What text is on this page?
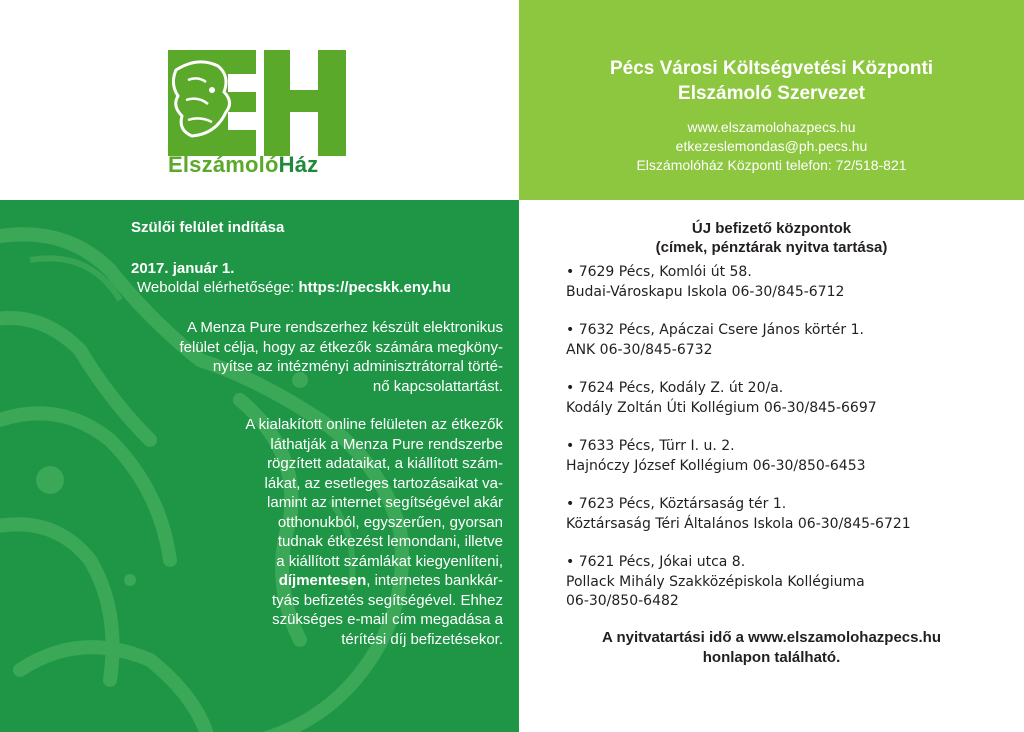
ElszámolóHáz
Pécs Városi Költségvetési Központi
Elszámoló Szervezet
www.elszamolohazpecs.hu
etkezeslemondas@ph.pecs.hu
Elszámolóház Központi telefon: 72/518-821
Szülői felület indítása
2017. január 1.
Weboldal elérhetősége: https://pecskk.eny.hu
A Menza Pure rendszerhez készült elektronikus
felület célja, hogy az étkezők számára megköny-
nyítse az intézményi adminisztrátorral törté-
nő kapcsolattartást.
A kialakított online felületen az étkezők
láthatják a Menza Pure rendszerbe
rögzített adataikat, a kiállított szám-
lákat, az esetleges tartozásaikat va-
lamint az internet segítségével akár
otthonukból, egyszerűen, gyorsan
tudnak étkezést lemondani, illetve
a kiállított számlákat kiegyenlíteni,
díjmentesen, internetes bankkár-
tyás befizetés segítségével. Ehhez
szükséges e-mail cím megadása a
térítési díj befizetésekor.
ÚJ befizető központok
(címek, pénztárak nyitva tartása)
• 7629 Pécs, Komlói út 58.
Budai-Városkapu Iskola 06-30/845-6712
• 7632 Pécs, Apáczai Csere János körtér 1.
ANK 06-30/845-6732
• 7624 Pécs, Kodály Z. út 20/a.
Kodály Zoltán Úti Kollégium 06-30/845-6697
• 7633 Pécs, Türr I. u. 2.
Hajnóczy József Kollégium 06-30/850-6453
• 7623 Pécs, Köztársaság tér 1.
Köztársaság Téri Általános Iskola 06-30/845-6721
• 7621 Pécs, Jókai utca 8.
Pollack Mihály Szakközépiskola Kollégiuma
06-30/850-6482
A nyitvatartási idő a www.elszamolohazpecs.hu
honlapon található.
